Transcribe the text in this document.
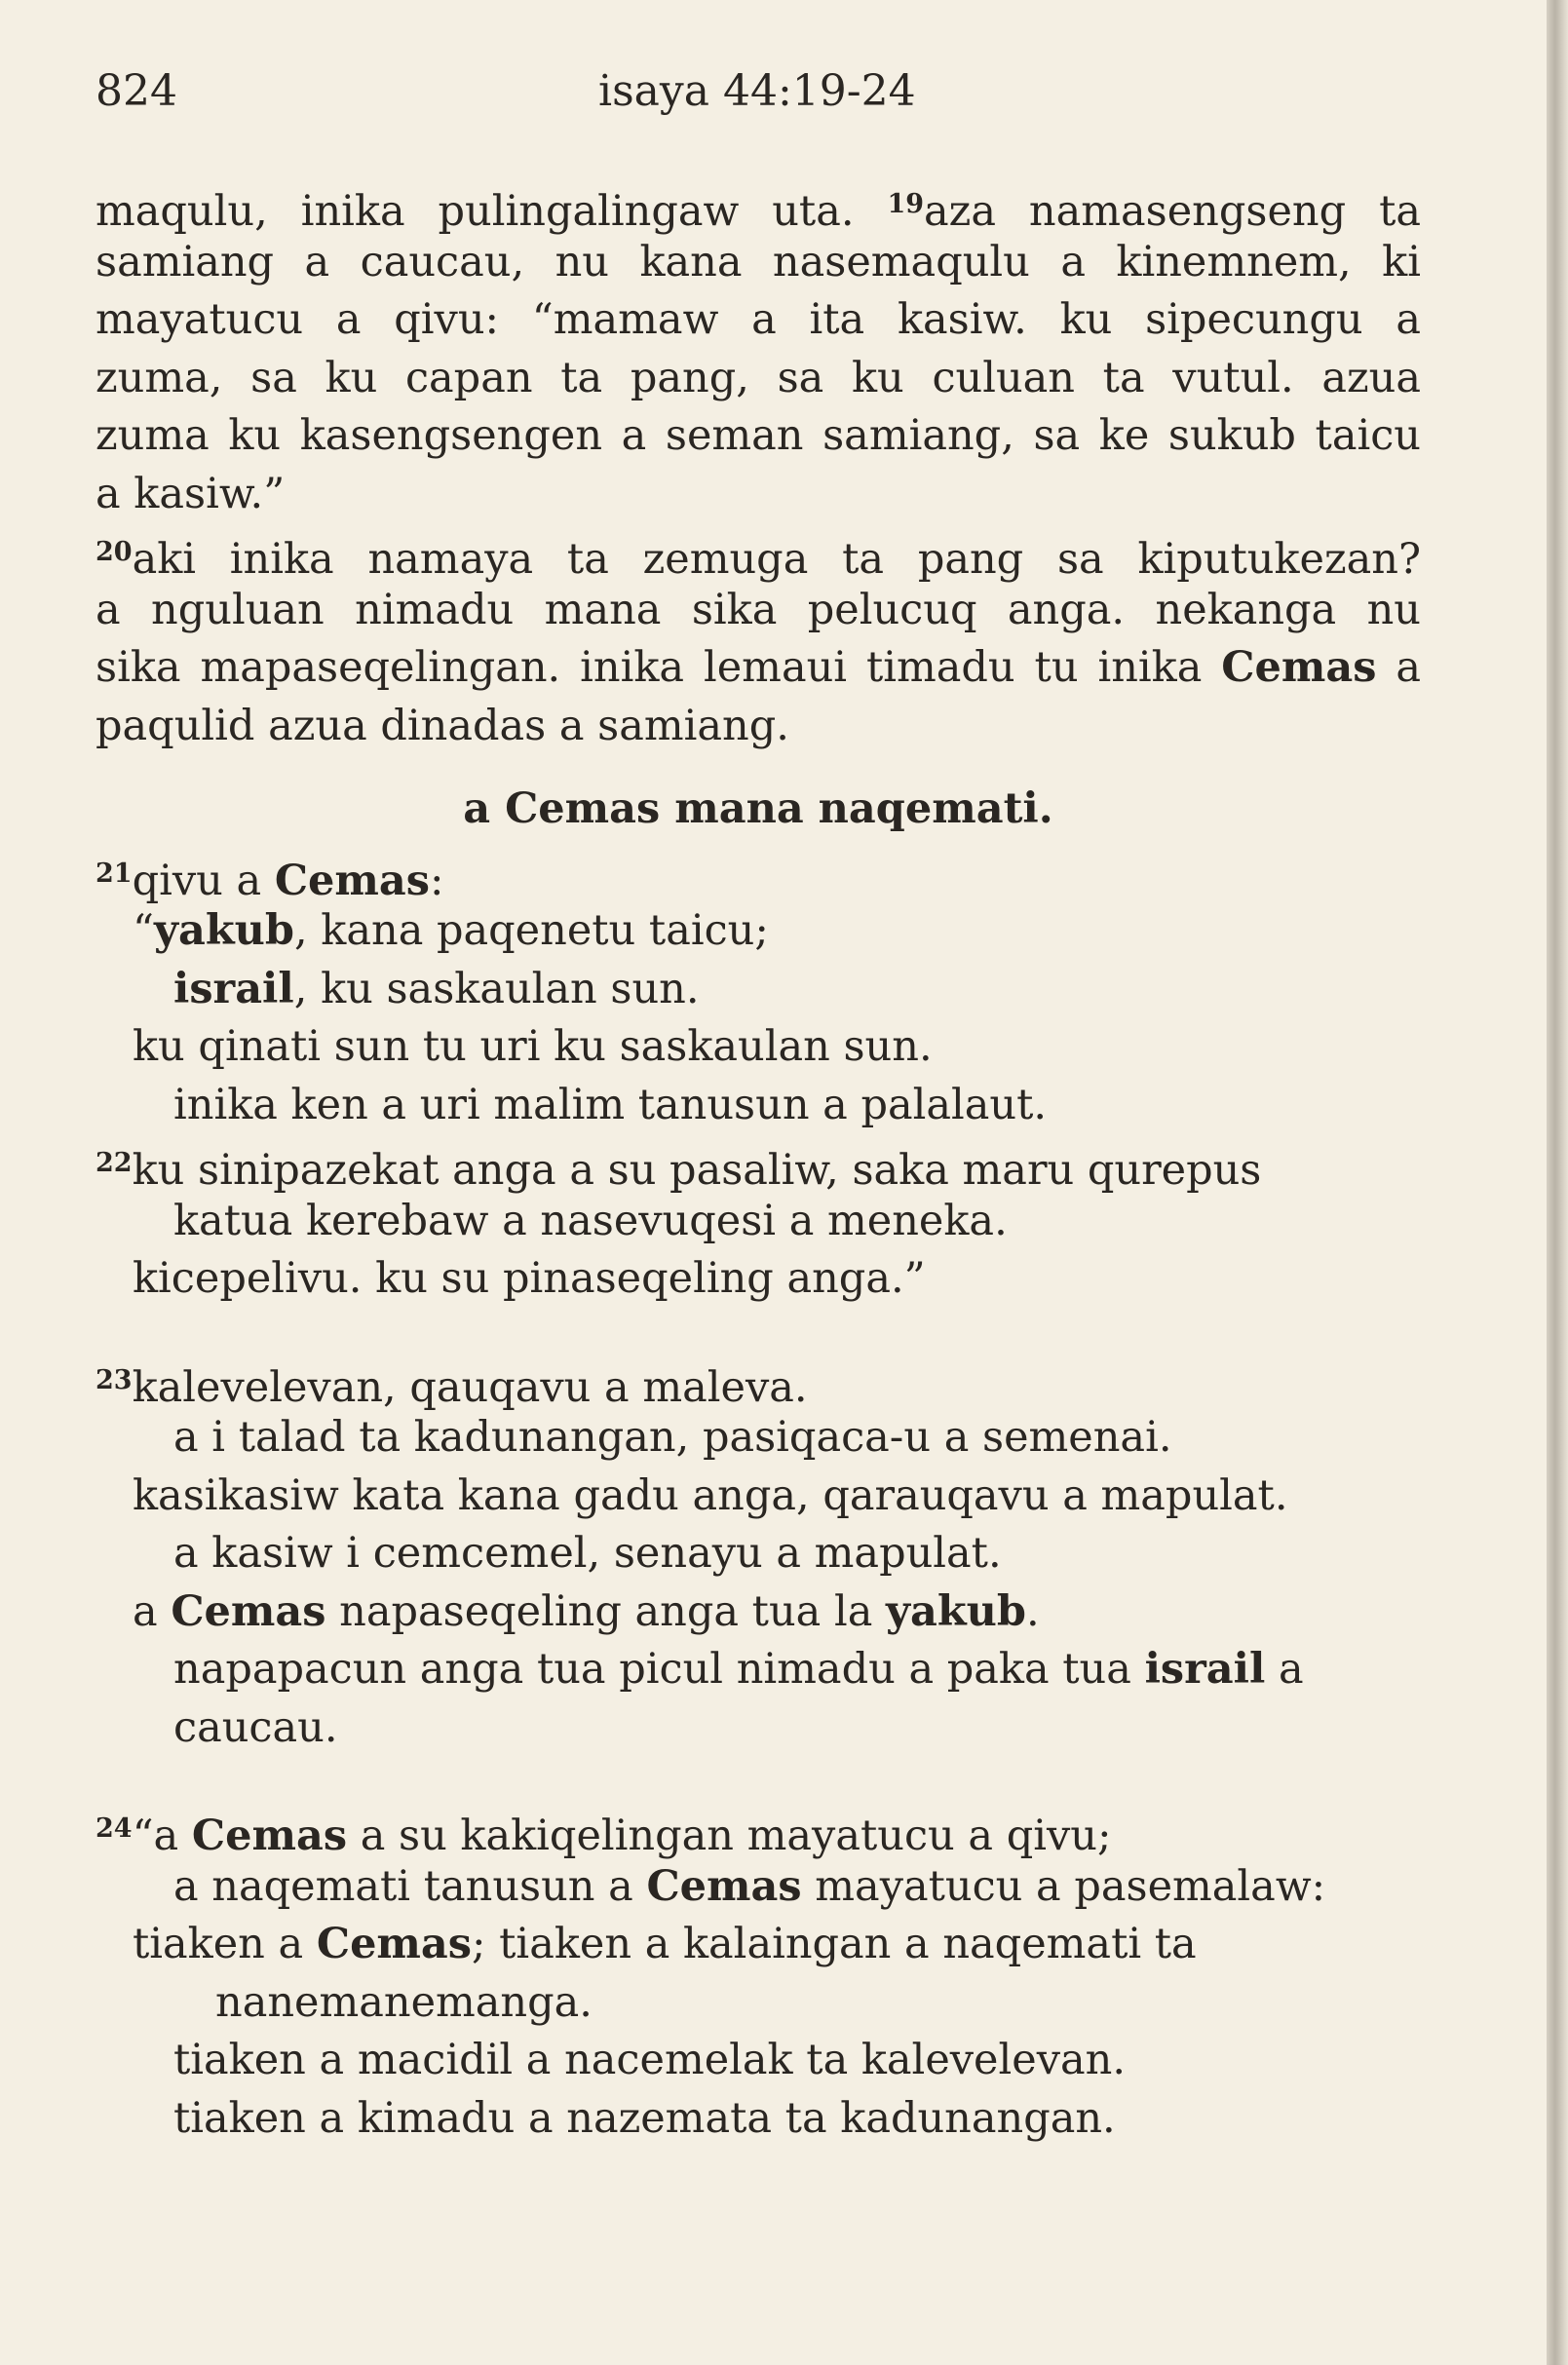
824	isaya 44:19-24
maqulu, inika pulingalingaw uta. $^{19}$aza namasengseng ta
samiang a caucau, nu kana nasemaqulu a kinemnem, ki
mayatucu a qivu: “mamaw a ita kasiw. ku sipecungu a
zuma, sa ku capan ta pang, sa ku culuan ta vutul. azua
zuma ku kasengsengen a seman samiang, sa ke sukub taicu
a kasiw.”
$^{20}$aki inika namaya ta zemuga ta pang sa kiputukezan?
a nguluan nimadu mana sika pelucuq anga. nekanga nu
sika mapaseqelingan. inika lemaui timadu tu inika Cemas a
paqulid azua dinadas a samiang.
a Cemas mana naqemati.
$^{21}$qivu a Cemas:
“yakub, kana paqenetu taicu;
israil, ku saskaulan sun.
ku qinati sun tu uri ku saskaulan sun.
inika ken a uri malim tanusun a palalaut.
$^{22}$ku sinipazekat anga a su pasaliw, saka maru qurepus
katua kerebaw a nasevuqesi a meneka.
kicepelivu. ku su pinaseqeling anga.”
$^{23}$kalevelevan, qauqavu a maleva.
a i talad ta kadunangan, pasiqaca-u a semenai.
kasikasiw kata kana gadu anga, qarauqavu a mapulat.
a kasiw i cemcemel, senayu a mapulat.
a Cemas napaseqeling anga tua la yakub.
napapacun anga tua picul nimadu a paka tua israil a
caucau.
$^{24}$“a Cemas a su kakiqelingan mayatucu a qivu;
a naqemati tanusun a Cemas mayatucu a pasemalaw:
tiaken a Cemas; tiaken a kalaingan a naqemati ta
nanemanemanga.
tiaken a macidil a nacemelak ta kalevelevan.
tiaken a kimadu a nazemata ta kadunangan.
